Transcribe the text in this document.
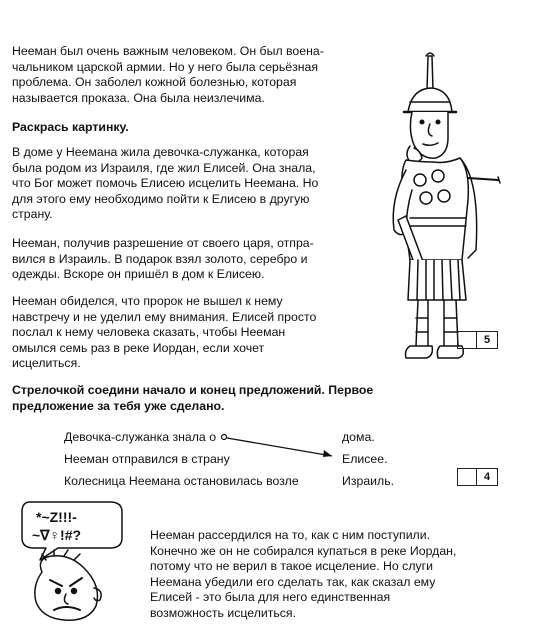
Нееман был очень важным человеком. Он был воена-
чальником царской армии. Но у него была серьёзная
проблема. Он заболел кожной болезнью, которая
называется проказа. Она была неизлечима.
Раскрась картинку.
В доме у Неемана жила девочка-служанка, которая
была родом из Израиля, где жил Елисей. Она знала,
что Бог может помочь Елисею исцелить Неемана. Но
для этого ему необходимо пойти к Елисею в другую
страну.
Нееман, получив разрешение от своего царя, отпра-
вился в Израиль. В подарок взял золото, серебро и
одежды. Вскоре он пришёл в дом к Елисею.
Нееман обиделся, что пророк не вышел к нему
навстречу и не уделил ему внимания. Елисей просто
послал к нему человека сказать, чтобы Нееман
омылся семь раз в реке Иордан, если хочет
исцелиться.
5
Стрелочкой соедини начало и конец предложений. Первое
предложение за тебя уже сделано.
Девочка-служанка знала о
Нееман отправился в страну
Колесница Неемана остановилась возле
дома.
Елисее.
Израиль.	4
*~Z!!!-
~∇♀!#?	Нееман рассердился на то, как с ним поступили.
Конечно же он не собирался купаться в реке Иордан,
потому что не верил в такое исцеление. Но слуги
Неемана убедили его сделать так, как сказал ему
Елисей - это была для него единственная
возможность исцелиться.
